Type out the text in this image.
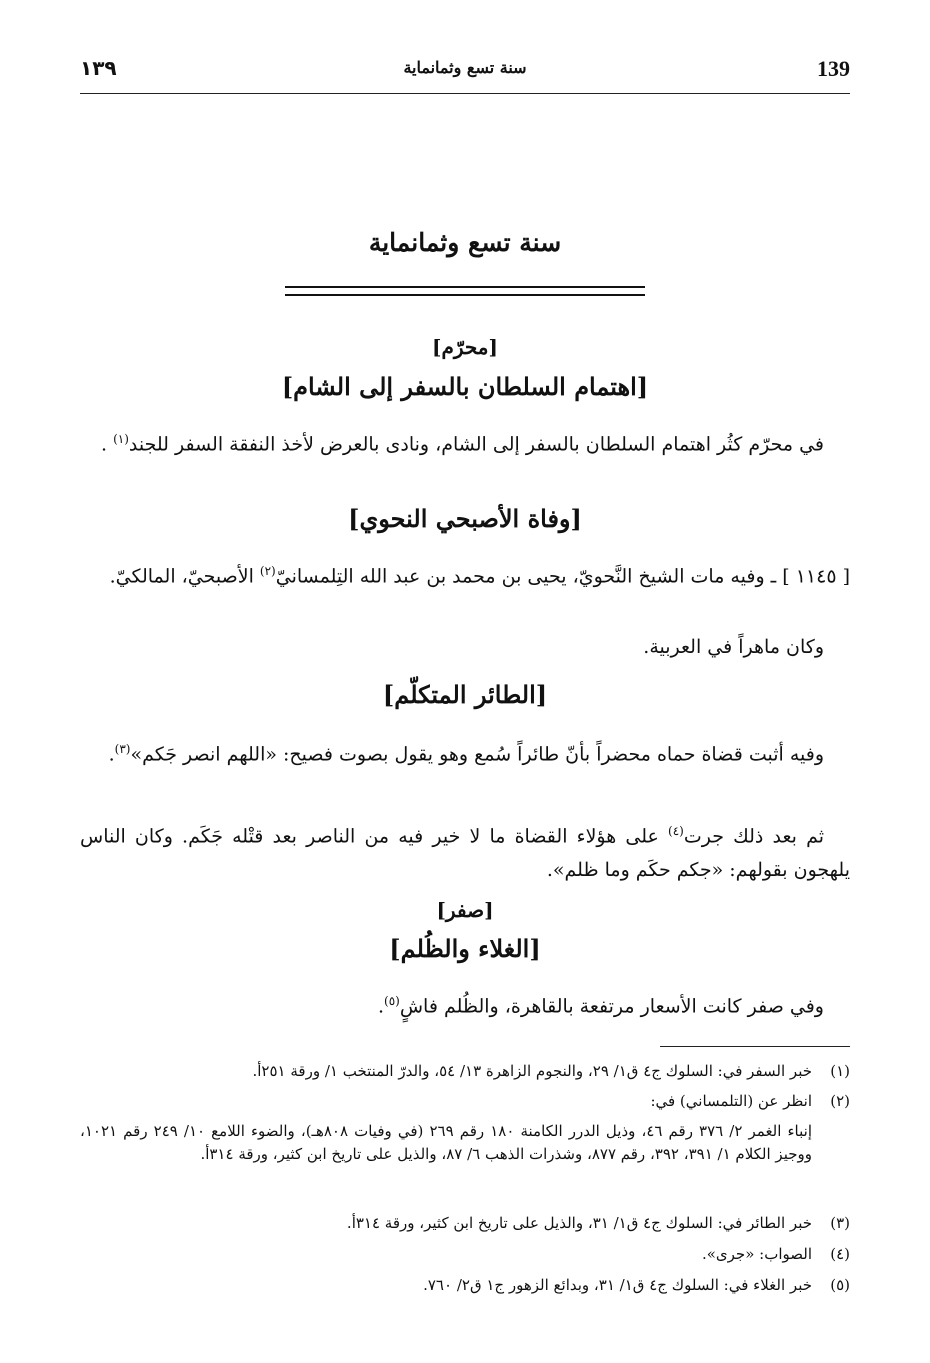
139
سنة تسع وثمانماية
١٣٩
سنة تسع وثمانماية
[محرّم]
[اهتمام السلطان بالسفر إلى الشام]
في محرّم كثُر اهتمام السلطان بالسفر إلى الشام، ونادى بالعرض لأخذ النفقة السفر للجند$^{(١)}$ .
[وفاة الأصبحي النحوي]
[ ١١٤٥ ] ـ وفيه مات الشيخ النَّحويّ، يحيى بن محمد بن عبد الله التِلمسانيّ$^{(٢)}$ الأصبحيّ، المالكيّ.
وكان ماهراً في العربية.
[الطائر المتكلّم]
وفيه أثبت قضاة حماه محضراً بأنّ طائراً سُمع وهو يقول بصوت فصيح: «اللهم انصر جَكم»$^{(٣)}$.
ثم بعد ذلك جرت$^{(٤)}$ على هؤلاء القضاة ما لا خير فيه من الناصر بعد قتْله جَكَم. وكان الناس يلهجون بقولهم: «جكم حكَم وما ظلم».
[صفر]
[الغلاء والظُلم]
وفي صفر كانت الأسعار مرتفعة بالقاهرة، والظُلم فاشٍ$^{(٥)}$.
(١)خبر السفر في: السلوك ج٤ ق١/ ٢٩، والنجوم الزاهرة ١٣/ ٥٤، والدرّ المنتخب ١/ ورقة ٢٥١أ.
(٢)انظر عن (التلمساني) في:
إنباء الغمر ٢/ ٣٧٦ رقم ٤٦، وذيل الدرر الكامنة ١٨٠ رقم ٢٦٩ (في وفيات ٨٠٨هـ)، والضوء اللامع ١٠/ ٢٤٩ رقم ١٠٢١، ووجيز الكلام ١/ ٣٩١، ٣٩٢، رقم ٨٧٧، وشذرات الذهب ٦/ ٨٧، والذيل على تاريخ ابن كثير، ورقة ٣١٤أ.
(٣)خبر الطائر في: السلوك ج٤ ق١/ ٣١، والذيل على تاريخ ابن كثير، ورقة ٣١٤أ.
(٤)الصواب: «جرى».
(٥)خبر الغلاء في: السلوك ج٤ ق١/ ٣١، وبدائع الزهور ج١ ق٢/ ٧٦٠.
